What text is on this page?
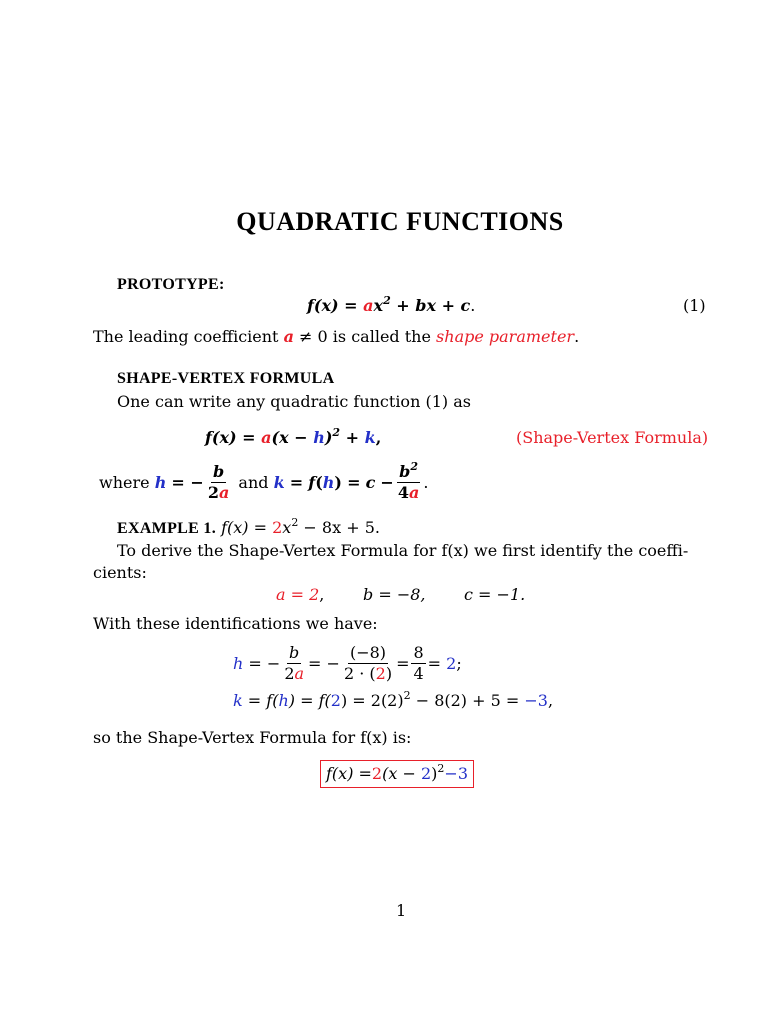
QUADRATIC FUNCTIONS
PROTOTYPE:
$f(x) = ax^2$ + bx + c.	(1)
The leading coefficient a ≠ 0 is called the shape parameter.
SHAPE-VERTEX FORMULA
One can write any quadratic function (1) as
$f(x) = a(x - h)^2 + k$,	(Shape-Vertex Formula)
where
h
= − $\frac{b}{2a}$
and
k
=
f ( h )
=
c
− $\frac{b^2}{4a}$ .
EXAMPLE 1. $f(x) = 2x^2 - 8x + 5$.
To derive the Shape-Vertex Formula for f(x) we first identify the coeffi-
cients:
a = 2, b = −8, c = −1.
With these identifications we have:
h
= − $\frac{b}{2a}$ = − $\frac{(-8)}{2 \cdot (2)} = \frac{8}{4}$ =
2 ;
$k = f(h) = f(2) = 2(2)^2 - 8(2) + 5 = -3$,
so the Shape-Vertex Formula for f(x) is:
$f(x) =2(x - 2)^2-3$
1
